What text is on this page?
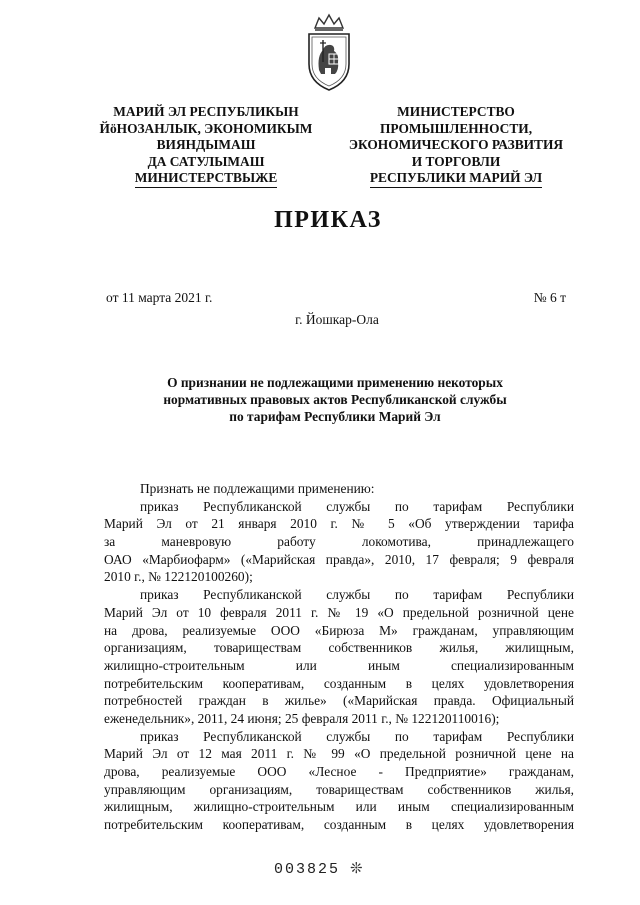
МАРИЙ ЭЛ РЕСПУБЛИКЫН
ЙӧНОЗАНЛЫК, ЭКОНОМИКЫМ
ВИЯНДЫМАШ
ДА САТУЛЫМАШ
МИНИСТЕРСТВЫЖЕ
МИНИСТЕРСТВО
ПРОМЫШЛЕННОСТИ,
ЭКОНОМИЧЕСКОГО РАЗВИТИЯ
И ТОРГОВЛИ
РЕСПУБЛИКИ МАРИЙ ЭЛ
ПРИКАЗ
от 11 марта 2021 г.	№ 6 т
г. Йошкар-Ола
О признании не подлежащими применению некоторых
нормативных правовых актов Республиканской службы
по тарифам Республики Марий Эл
Признать не подлежащими применению:
приказ Республиканской службы по тарифам Республики
Марий Эл от 21 января 2010 г. № 5 «Об утверждении тарифа
за маневровую работу локомотива, принадлежащего
ОАО «Марбиофарм» («Марийская правда», 2010, 17 февраля; 9 февраля
2010 г., № 122120100260);
приказ Республиканской службы по тарифам Республики
Марий Эл от 10 февраля 2011 г. № 19 «О предельной розничной цене
на дрова, реализуемые ООО «Бирюза М» гражданам, управляющим
организациям, товариществам собственников жилья, жилищным,
жилищно-строительным или иным специализированным
потребительским кооперативам, созданным в целях удовлетворения
потребностей граждан в жилье» («Марийская правда. Официальный
еженедельник», 2011, 24 июня; 25 февраля 2011 г., № 122120110016);
приказ Республиканской службы по тарифам Республики
Марий Эл от 12 мая 2011 г. № 99 «О предельной розничной цене на
дрова, реализуемые ООО «Лесное - Предприятие» гражданам,
управляющим организациям, товариществам собственников жилья,
жилищным, жилищно-строительным или иным специализированным
потребительским кооперативам, созданным в целях удовлетворения
003825 ❊
